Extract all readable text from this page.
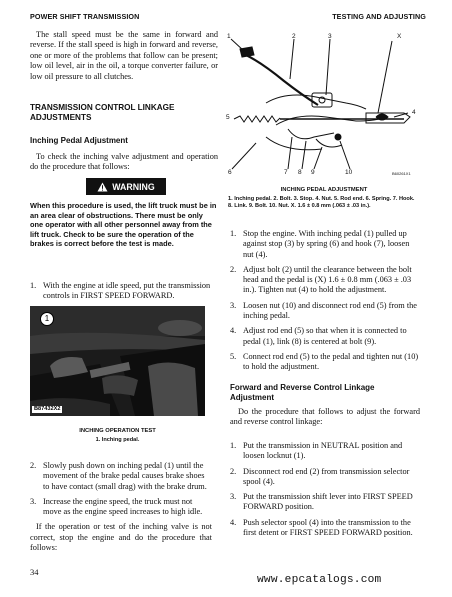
POWER SHIFT TRANSMISSION	TESTING AND ADJUSTING

The stall speed must be the same in forward and reverse. If the stall speed is high in forward and reverse, one or more of the problems that follow can be present; low oil level, air in the oil, a torque converter failure, or low oil pressure to all clutches.

TRANSMISSION CONTROL LINKAGE
ADJUSTMENTS
Inching Pedal Adjustment

To check the inching valve adjustment and operation do the procedure that follows:

WARNING

When this procedure is used, the lift truck must be in an area clear of obstructions. There must be only one operator with all other personnel away from the lift truck. Check to be sure the operation of the brakes is correct before the test is made.

1. With the engine at idle speed, put the transmission controls in FIRST SPEED FORWARD.
1
B87432X2
INCHING OPERATION TEST
1. Inching pedal.
2. Slowly push down on inching pedal (1) until the movement of the brake pedal causes brake shoes to have contact (small drag) with the brake drum.
3. Increase the engine speed, the truck must not move as the engine speed increases to high idle.

If the operation or test of the inching valve is not correct, stop the engine and do the procedure that follows:

1	2	3	X
5
4
6	7 8 9	10	B60261X1
INCHING PEDAL ADJUSTMENT
1. Inching pedal. 2. Bolt. 3. Stop. 4. Nut. 5. Rod end. 6. Spring. 7. Hook. 8. Link. 9. Bolt. 10. Nut. X. 1.6 ± 0.8 mm (.063 ± .03 in.).
1. Stop the engine. With inching pedal (1) pulled up against stop (3) by spring (6) and hook (7), loosen nut (4).
2. Adjust bolt (2) until the clearance between the bolt head and the pedal is (X) 1.6 ± 0.8 mm (.063 ± .03 in.). Tighten nut (4) to hold the adjustment.
3. Loosen nut (10) and disconnect rod end (5) from the inching pedal.
4. Adjust rod end (5) so that when it is connected to pedal (1), link (8) is centered at bolt (9).
5. Connect rod end (5) to the pedal and tighten nut (10) to hold the adjustment.
Forward and Reverse Control Linkage
Adjustment

Do the procedure that follows to adjust the forward and reverse control linkage:

1. Put the transmission in NEUTRAL position and loosen locknut (1).
2. Disconnect rod end (2) from transmission selector spool (4).
3. Put the transmission shift lever into FIRST SPEED FORWARD position.
4. Push selector spool (4) into the transmission to the first detent or FIRST SPEED FORWARD position.
34
www.epcatalogs.com
